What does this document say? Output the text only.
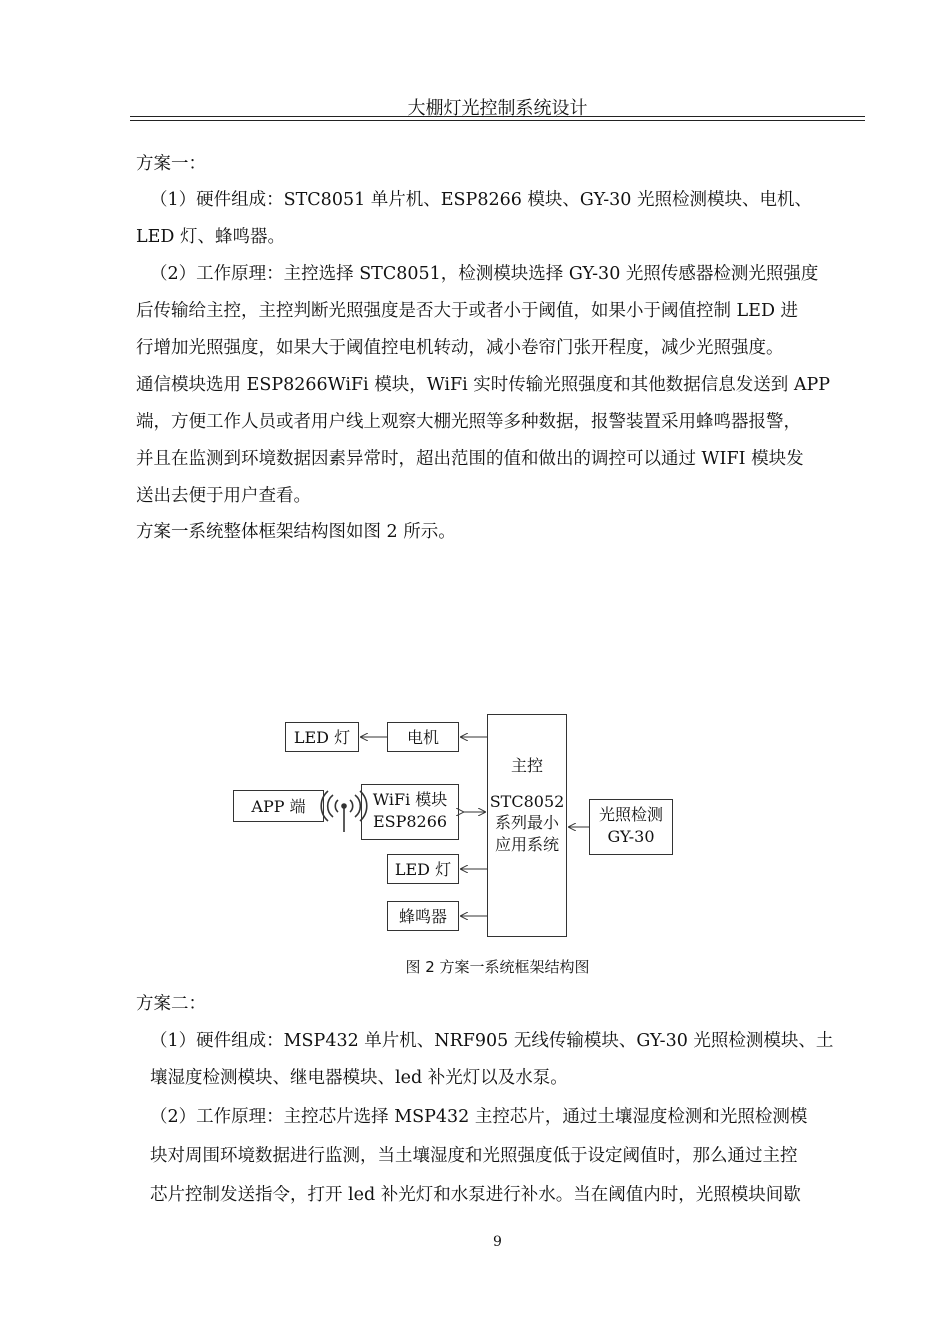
大棚灯光控制系统设计
方案一：
（1）硬件组成：STC8051 单片机、ESP8266 模块、GY-30 光照检测模块、电机、
LED 灯、蜂鸣器。
（2）工作原理：主控选择 STC8051，检测模块选择 GY-30 光照传感器检测光照强度
后传输给主控，主控判断光照强度是否大于或者小于阈值，如果小于阈值控制 LED 进
行增加光照强度，如果大于阈值控电机转动，减小卷帘门张开程度，减少光照强度。
通信模块选用 ESP8266WiFi 模块，WiFi 实时传输光照强度和其他数据信息发送到 APP
端，方便工作人员或者用户线上观察大棚光照等多种数据，报警装置采用蜂鸣器报警，
并且在监测到环境数据因素异常时，超出范围的值和做出的调控可以通过 WIFI 模块发
送出去便于用户查看。
方案一系统整体框架结构图如图 2 所示。
LED 灯	电机
APP 端	WiFi 模块
ESP8266
LED 灯
蜂鸣器
主控
STC8052
系列最小
应用系统
光照检测
GY-30
图 2 方案一系统框架结构图
方案二：
（1）硬件组成：MSP432 单片机、NRF905 无线传输模块、GY-30 光照检测模块、土
壤湿度检测模块、继电器模块、led 补光灯以及水泵。
（2）工作原理：主控芯片选择 MSP432 主控芯片，通过土壤湿度检测和光照检测模
块对周围环境数据进行监测，当土壤湿度和光照强度低于设定阈值时，那么通过主控
芯片控制发送指令，打开 led 补光灯和水泵进行补水。当在阈值内时，光照模块间歇
9
